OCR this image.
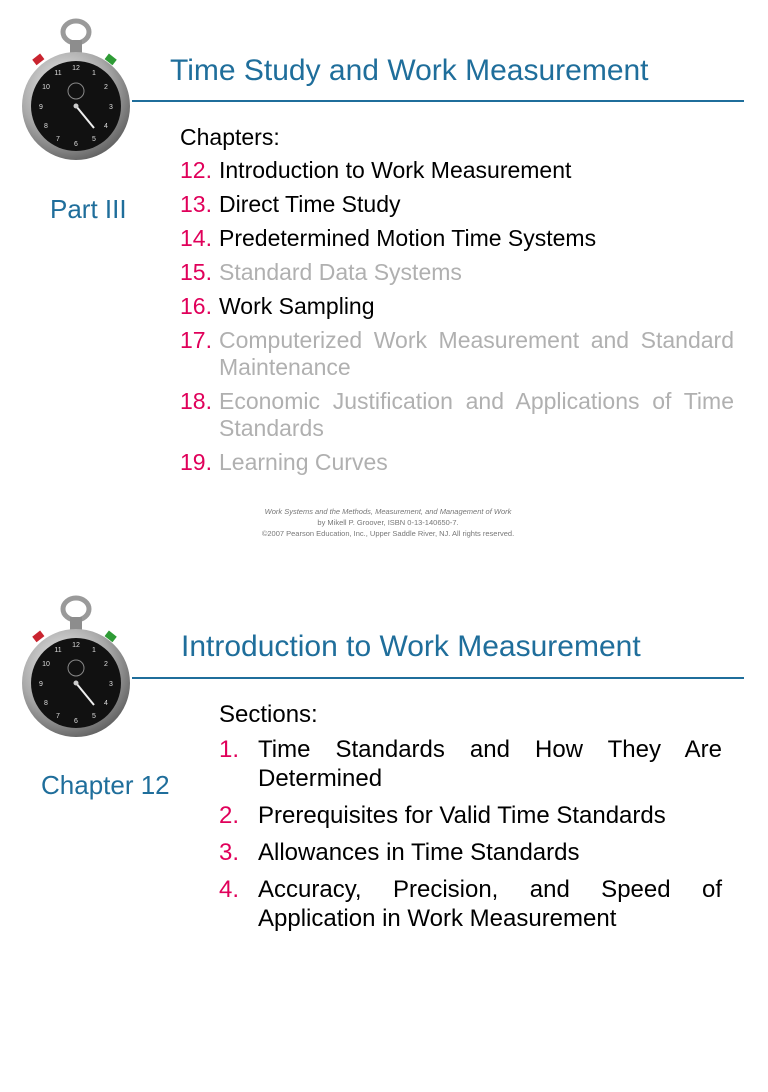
12
3
6
9
1
2
4
5
7
8
10
11	Time Study and Work Measurement
Part III
Chapters:
12. Introduction to Work Measurement
13. Direct Time Study
14. Predetermined Motion Time Systems
15. Standard Data Systems
16. Work Sampling
17. Computerized Work Measurement and Standard Maintenance
18. Economic Justification and Applications of Time Standards
19. Learning Curves
Work Systems and the Methods, Measurement, and Management of Work
by Mikell P. Groover, ISBN 0-13-140650-7.
©2007 Pearson Education, Inc., Upper Saddle River, NJ. All rights reserved.
12
3
6
9
1
2
4
5
7
8
10
11	Introduction to Work Measurement
Chapter 12
Sections:
1. Time Standards and How They Are Determined
2. Prerequisites for Valid Time Standards
3. Allowances in Time Standards
4. Accuracy, Precision, and Speed of Application in Work Measurement
